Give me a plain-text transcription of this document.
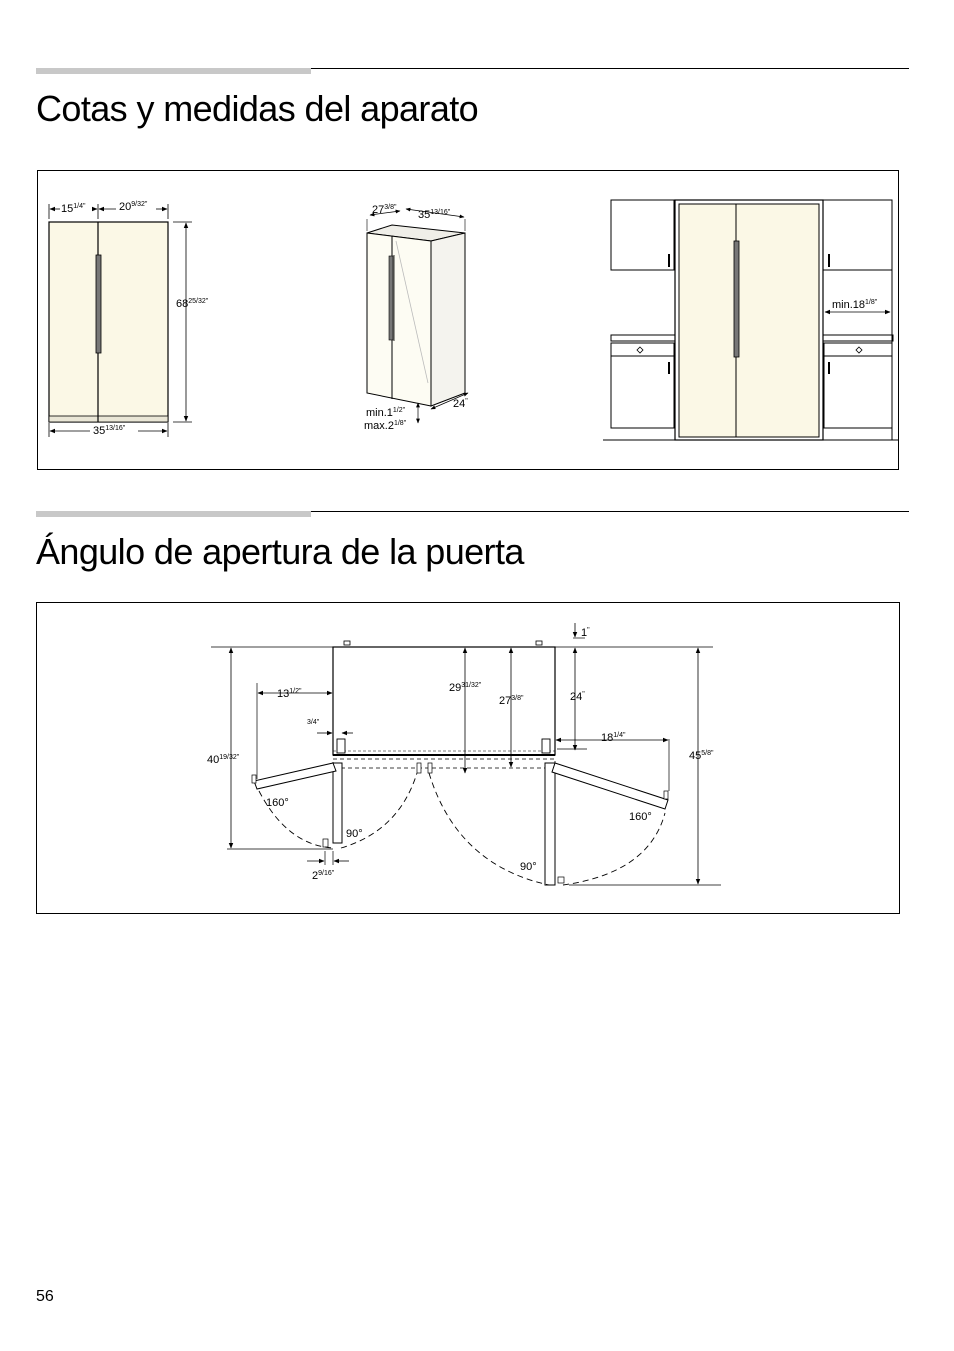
Cotas y medidas del aparato
$15^{1/4"}$	$20^{9/32"}$
$68^{25/32"}$
$35^{13/16"}$
$27^{3/8"}$
$35^{13/16"}$
$\min.1^{1/2"}$
$\max.2^{1/8"}$
24"
$\min.18^{1/8"}$
Ángulo de apertura de la puerta
1"
$13^{1/2"}$	$29^{31/32"}$
$27^{3/8"}$	24"
$^{3/4"}$
$18^{1/4"}$
$40^{19/32"}$	$45^{5/8"}$
160°
160°
90°
90°
$2^{9/16"}$
56
